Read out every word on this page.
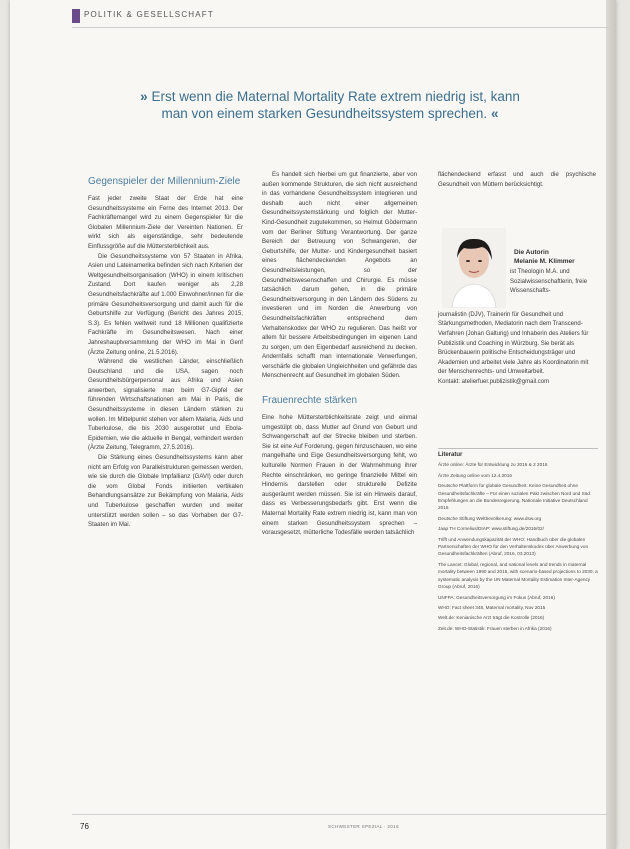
POLITIK & GESELLSCHAFT
» Erst wenn die Maternal Mortality Rate extrem niedrig ist, kann man von einem starken Gesundheitssystem sprechen. «
Gegenspieler der Millennium-Ziele

Fast jeder zweite Staat der Erde hat eine Gesundheitssysteme ein Ferne des Internet 2013. Der Fachkräftemangel wird zu einem Gegenspieler für die Globalen Millennium-Ziele der Vereinten Nationen. Er wirkt sich als eigenständige, sehr bedeutende Einflussgröße auf die Müttersterblichkeit aus.

Die Gesundheitssysteme von 57 Staaten in Afrika, Asien und Lateinamerika befinden sich nach Kriterien der Weltgesundheitsorganisation (WHO) in einem kritischen Zustand. Dort kaufen weniger als 2,28 Gesundheitsfachkräfte auf 1.000 Einwohner/innen für die primäre Gesundheitsversorgung und damit auch für die Geburtshilfe zur Verfügung (Bericht des Jahres 2015, S.3). Es fehlen weltweit rund 18 Millionen qualifizierte Fachkräfte im Gesundheitswesen. Nach einer Jahreshauptversammlung der WHO im Mai in Genf (Ärzte Zeitung online, 21.5.2016).

Während die westlichen Länder, einschließlich Deutschland und die USA, sagen noch Gesundheitsbürgerpersonal aus Afrika und Asien anwerben, signalisierte man beim G7-Gipfel der führenden Wirtschaftsnationen am Mai in Paris, die Gesundheitssysteme in diesen Ländern stärken zu wollen. Im Mittelpunkt stehen vor allem Malaria, Aids und Tuberkulose, die bis 2030 ausgerottet und Ebola-Epidemien, wie die aktuelle in Bengal, verhindert werden (Ärzte Zeitung, Telegramm, 27.5.2016).

Die Stärkung eines Gesundheitssystems kann aber nicht am Erfolg von Parallelstrukturen gemessen werden, wie sie durch die Globale Impfallianz (GAVI) oder durch die vom Global Fonds initiierten vertikalen Behandlungsansätze zur Bekämpfung von Malaria, Aids und Tuberkulose geschaffen wurden und weiter unterstützt werden sollen – so das Vorhaben der G7-Staaten im Mai.

Es handelt sich hierbei um gut finanzierte, aber von außen kommende Strukturen, die sich nicht ausreichend in das vorhandene Gesundheitssystem integrieren und deshalb auch nicht einer allgemeinen Gesundheitssystemstärkung und folglich der Mutter-Kind-Gesundheit zugutekommen, so Helmut Gödermann vom der Berliner Stiftung Verantwortung. Der ganze Bereich der Betreuung von Schwangeren, der Geburtshilfe, der Mutter- und Kindergesundheit basiert eines flächendeckenden Angebots an Gesundheitsleistungen, so der Gesundheitswesenschaffen und Chirurgie. Es müsse tatsächlich darum gehen, in die primäre Gesundheitsversorgung in den Ländern des Südens zu investieren und im Norden die Anwerbung von Gesundheitsfachkräften entsprechend dem Verhaltenskodex der WHO zu regulieren. Das heißt vor allem für bessere Arbeitsbedingungen im eigenen Land zu sorgen, um den Eigenbedarf ausreichend zu decken. Andernfalls schafft man internationale Verwerfungen, verschärfe die globalen Ungleichheiten und gefährde das Menschenrecht auf Gesundheit im globalen Süden.

Frauenrechte stärken

Eine hohe Müttersterblichkeitsrate zeigt und einmal umgestülpt ob, dass Mutter auf Grund von Geburt und Schwangerschaft auf der Strecke bleiben und sterben. Sie ist eine Auf Forderung, gegen hinzuschauen, wo eine mangelhafte und Eige Gesundheitsversorgung fehlt, wo kulturelle Normen Frauen in der Wahrnehmung ihrer Rechte einschränken, wo geringe finanzielle Mittel ein Hindernis darstellen oder strukturelle Defizite ausgeräumt werden müssen. Sie ist ein Hinweis darauf, dass es Verbesserungsbedarfs gibt. Erst wenn die Maternal Mortality Rate extrem niedrig ist, kann man von einem starken Gesundheitssystem sprechen – vorausgesetzt, mütterliche Todesfälle werden tatsächlich

flächendeckend erfasst und auch die psychische Gesundheit von Müttern berücksichtigt.

Die Autorin
Melanie M. Klimmer
ist Theologin M.A. und Sozialwissenschaftlerin, freie Wissenschafts-
journalistin (DJV), Trainerin für Gesundheit und Stärkungsmethoden, Mediatorin nach dem Transcend-Verfahren (Johan Galtung) und Inhaberin des Ateliers für Publizistik und Coaching in Würzburg. Sie berät als Brückenbauerin politische Entscheidungsträger und Akademien und arbeitet viele Jahre als Koordinatorin mit der Menschenrechts- und Umweltarbeit.
Kontakt: atelierfuer.publizistik@gmail.com
Literatur

Ärzte online: Ärzte für Entwicklung zu 2016 & 2 2016

Ärzte Zeitung online vom 12.4.2016

Deutsche Plattform für globale Gesundheit: Keine Gesundheit ohne Gesundheitsfachkräfte – Für einen sozialen Pakt zwischen Nord und Süd. Empfehlungen an die Bundesregierung, Nationale Initiative Deutschland 2015

Deutsche Stiftung Weltbevölkerung: www.dsw.org

Jaap TH Cornelius/DIAP: www.stiftung.de/2016/02/

Trifft und Anwendungskapazität der WHO: Handbuch über die globalen Partnerschaften der WHO für den Verhaltenskodex über Anwerbung von Gesundheitsfachkräften (Abruf, 2016, 03.2013)

The Lancet: Global, regional, and national levels and trends in maternal mortality between 1990 and 2015, with scenario-based projections to 2030: a systematic analysis by the UN Maternal Mortality Estimation Inter-Agency Group (Abruf, 2016)

UNFPA: Gesundheitsversorgung im Fokus (Abruf, 2016)

WHO: Fact sheet 348, Maternal mortality, Nov 2015

Welt.de: Kenianische Arzt trägt die Kontrolle (2016)

Zeit.de: WHO-Statistik: Frauen sterben in Afrika (2016)

76	SCHWESTER SPEZIAL · 2016
